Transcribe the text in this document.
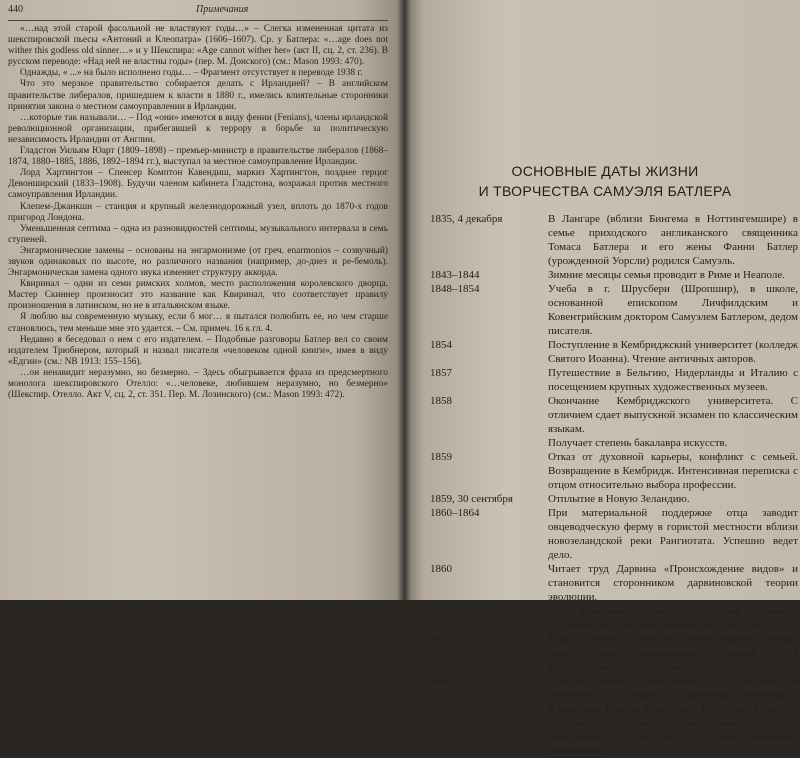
440	Примечания

«…над этой старой фасольной не властвуют годы…» – Слегка измененная цитата из шекспировской пьесы «Антоний и Клеопатра» (1606–1607). Ср. у Батлера: «…age does not wither this godless old sinner…» и у Шекспира: «Age cannot wither her» (акт II, сц. 2, ст. 236). В русском переводе: «Над ней не властны годы» (пер. М. Донского) (см.: Mason 1993: 470).

Однажды, « ...» на было исполнено годы… – Фрагмент отсутствует в переводе 1938 г.

Что это мерзкое правительство собирается делать с Ирландией? – В английском правительстве либералов, пришедшем к власти в 1880 г., имелись влиятельные сторонники принятия закона о местном самоуправлении в Ирландии.

…которые так называли… – Под «они» имеются в виду фении (Fenians), члены ирландской революционной организации, прибегавшей к террору в борьбе за политическую независимость Ирландии от Англии.

Гладстон Уильям Юарт (1809–1898) – премьер-министр в правительстве либералов (1868–1874, 1880–1885, 1886, 1892–1894 гг.), выступал за местное самоуправление Ирландии.

Лорд Хартингтон – Спенсер Комптон Кавендиш, маркиз Хартингтон, позднее герцог Девонширский (1833–1908). Будучи членом кабинета Гладстона, возражал против местного самоуправления Ирландии.

Клепем-Джанкшн – станция и крупный железнодорожный узел, вплоть до 1870-х годов пригород Лондона.

Уменьшенная септима – одна из разновидностей септимы, музыкального интервала в семь ступеней.

Энгармонические замены – основаны на энгармонизме (от греч. enarmonios – созвучный) звуков одинаковых по высоте, но различного названия (например, до-диез и ре-бемоль). Энгармоническая замена одного звука изменяет структуру аккорда.

Квиринал – одни из семи римских холмов, место расположения королевского дворца. Мастер Скиннер произносит это название как Квиринал, что соответствует правилу произношения в латинском, но не в итальянском языке.

Я люблю вы современную музыку, если б мог… я пытался полюбить ее, но чем старше становлюсь, тем меньше мне это удается. – См. примеч. 16 к гл. 4.

Недавно я беседовал о нем с его издателем. – Подобные разговоры Батлер вел со своим издателем Трюбнером, который и назвал писателя «человеком одной книги», имея в виду «Едгин» (см.: NB 1913: 155–156).

…он ненавидит неразумно, но безмерно. – Здесь обыгрывается фраза из предсмертного монолога шекспировского Отелло: «…человеке, любившем неразумно, но безмерно» (Шекспир. Отелло. Акт V, сц. 2, ст. 351. Пер. М. Лозинского) (см.: Mason 1993: 472).

ОСНОВНЫЕ ДАТЫ ЖИЗНИ
И ТВОРЧЕСТВА САМУЭЛЯ БАТЛЕРА
1835, 4 декабря	В Лангаре (вблизи Бингема в Ноттингемшире) в семье приходского англиканского священника Томаса Батлера и его жены Фанни Батлер (урожденной Уорсли) родился Самуэль.

1843–1844	Зимние месяцы семья проводит в Риме и Неаполе.

1848–1854	Учеба в г. Шрусбери (Шропшир), в школе, основанной епископом Личфилдским и Ковентрийским доктором Самуэлем Батлером, дедом писателя.

1854	Поступление в Кембриджский университет (колледж Святого Иоанна). Чтение античных авторов.

1857	Путешествие в Бельгию, Нидерланды и Италию с посещением крупных художественных музеев.

1858	Окончание Кембриджского университета. С отличием сдает выпускной экзамен по классическим языкам.

Получает степень бакалавра искусств.

1859	Отказ от духовной карьеры, конфликт с семьей. Возвращение в Кембридж. Интенсивная переписка с отцом относительно выбора профессии.

1859, 30 сентября	Отплытие в Новую Зеландию.

1860–1864	При материальной поддержке отца заводит овцеводческую ферму в гористой местности вблизи новозеландской реки Рангиотата. Успешно ведет дело.

1860	Читает труд Дарвина «Происхождение видов» и становится сторонником дарвиновской теории эволюции.

1862–1864	Под влиянием дарвиновских идей анонимно публикует ряд очерков в новозеландской прессе.

1863	Томас Батлер публикует новозеландские письма сына в книге, озаглавленной «Первый год в Кентерберийском поселении».

1864	Самуэль Батлер возвращается в Англию и поселяется в Лондоне, в маленьких комнатах в Клиффордс Инн на Флит-стрит. Поступает в одну из лондонских частных художественных школ с намерением получить профессиональное образование.
